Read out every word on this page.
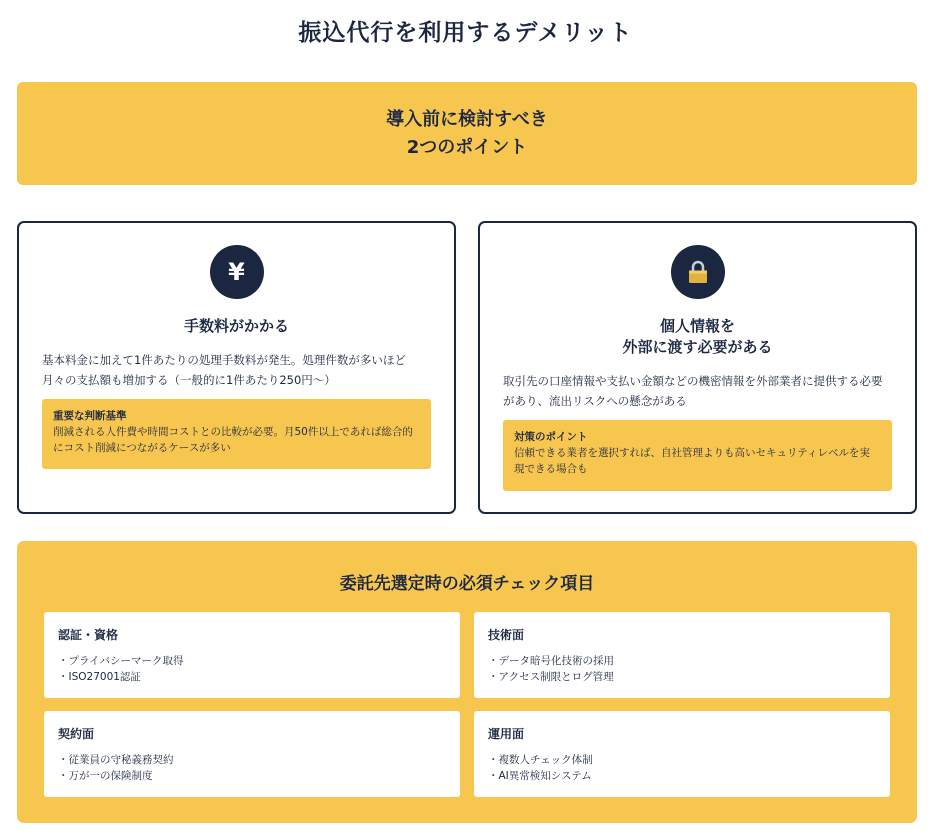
振込代行を利用するデメリット
導入前に検討すべき
2つのポイント
¥
手数料がかかる
基本料金に加えて1件あたりの処理手数料が発生。処理件数が多いほど
月々の支払額も増加する（一般的に1件あたり250円〜）
重要な判断基準
削減される人件費や時間コストとの比較が必要。月50件以上であれば総合的
にコスト削減につながるケースが多い
個人情報を
外部に渡す必要がある
取引先の口座情報や支払い金額などの機密情報を外部業者に提供する必要
があり、流出リスクへの懸念がある
対策のポイント
信頼できる業者を選択すれば、自社管理よりも高いセキュリティレベルを実
現できる場合も
委託先選定時の必須チェック項目
認証・資格
・プライバシーマーク取得
・ISO27001認証
技術面
・データ暗号化技術の採用
・アクセス制限とログ管理
契約面
・従業員の守秘義務契約
・万が一の保険制度
運用面
・複数人チェック体制
・AI異常検知システム
